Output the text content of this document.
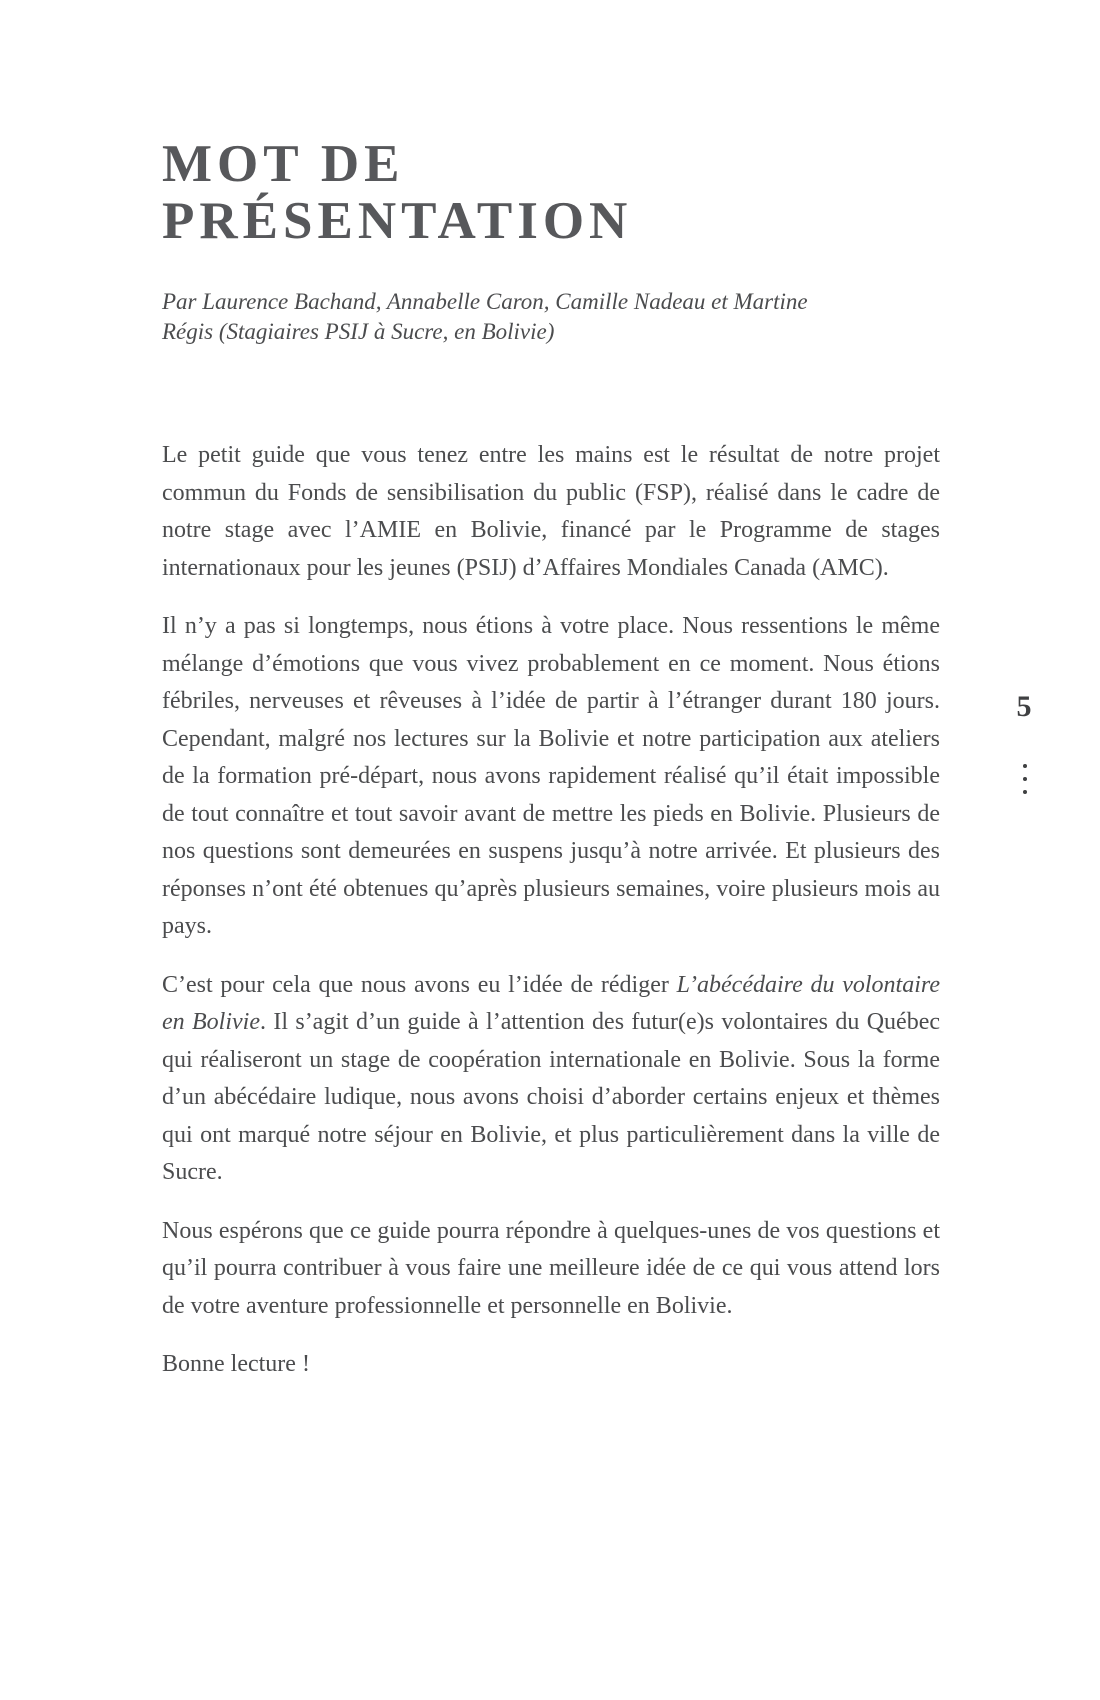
MOT DE PRÉSENTATION

Par Laurence Bachand, Annabelle Caron, Camille Nadeau et Martine
Régis (Stagiaires PSIJ à Sucre, en Bolivie)

Le petit guide que vous tenez entre les mains est le résultat de notre projet commun du Fonds de sensibilisation du public (FSP), réalisé dans le cadre de notre stage avec l’AMIE en Bolivie, financé par le Programme de stages internationaux pour les jeunes (PSIJ) d’Affaires Mondiales Canada (AMC).

Il n’y a pas si longtemps, nous étions à votre place. Nous ressentions le même mélange d’émotions que vous vivez probablement en ce moment. Nous étions fébriles, nerveuses et rêveuses à l’idée de partir à l’étranger durant 180 jours. Cependant, malgré nos lectures sur la Bolivie et notre participation aux ateliers de la formation pré-départ, nous avons rapidement réalisé qu’il était impossible de tout connaître et tout savoir avant de mettre les pieds en Bolivie. Plusieurs de nos questions sont demeurées en suspens jusqu’à notre arrivée. Et plusieurs des réponses n’ont été obtenues qu’après plusieurs semaines, voire plusieurs mois au pays.

C’est pour cela que nous avons eu l’idée de rédiger L’abécédaire du volontaire en Bolivie. Il s’agit d’un guide à l’attention des futur(e)s volontaires du Québec qui réaliseront un stage de coopération internationale en Bolivie. Sous la forme d’un abécédaire ludique, nous avons choisi d’aborder certains enjeux et thèmes qui ont marqué notre séjour en Bolivie, et plus particulièrement dans la ville de Sucre.

Nous espérons que ce guide pourra répondre à quelques-unes de vos questions et qu’il pourra contribuer à vous faire une meilleure idée de ce qui vous attend lors de votre aventure professionnelle et personnelle en Bolivie.

Bonne lecture !

5
